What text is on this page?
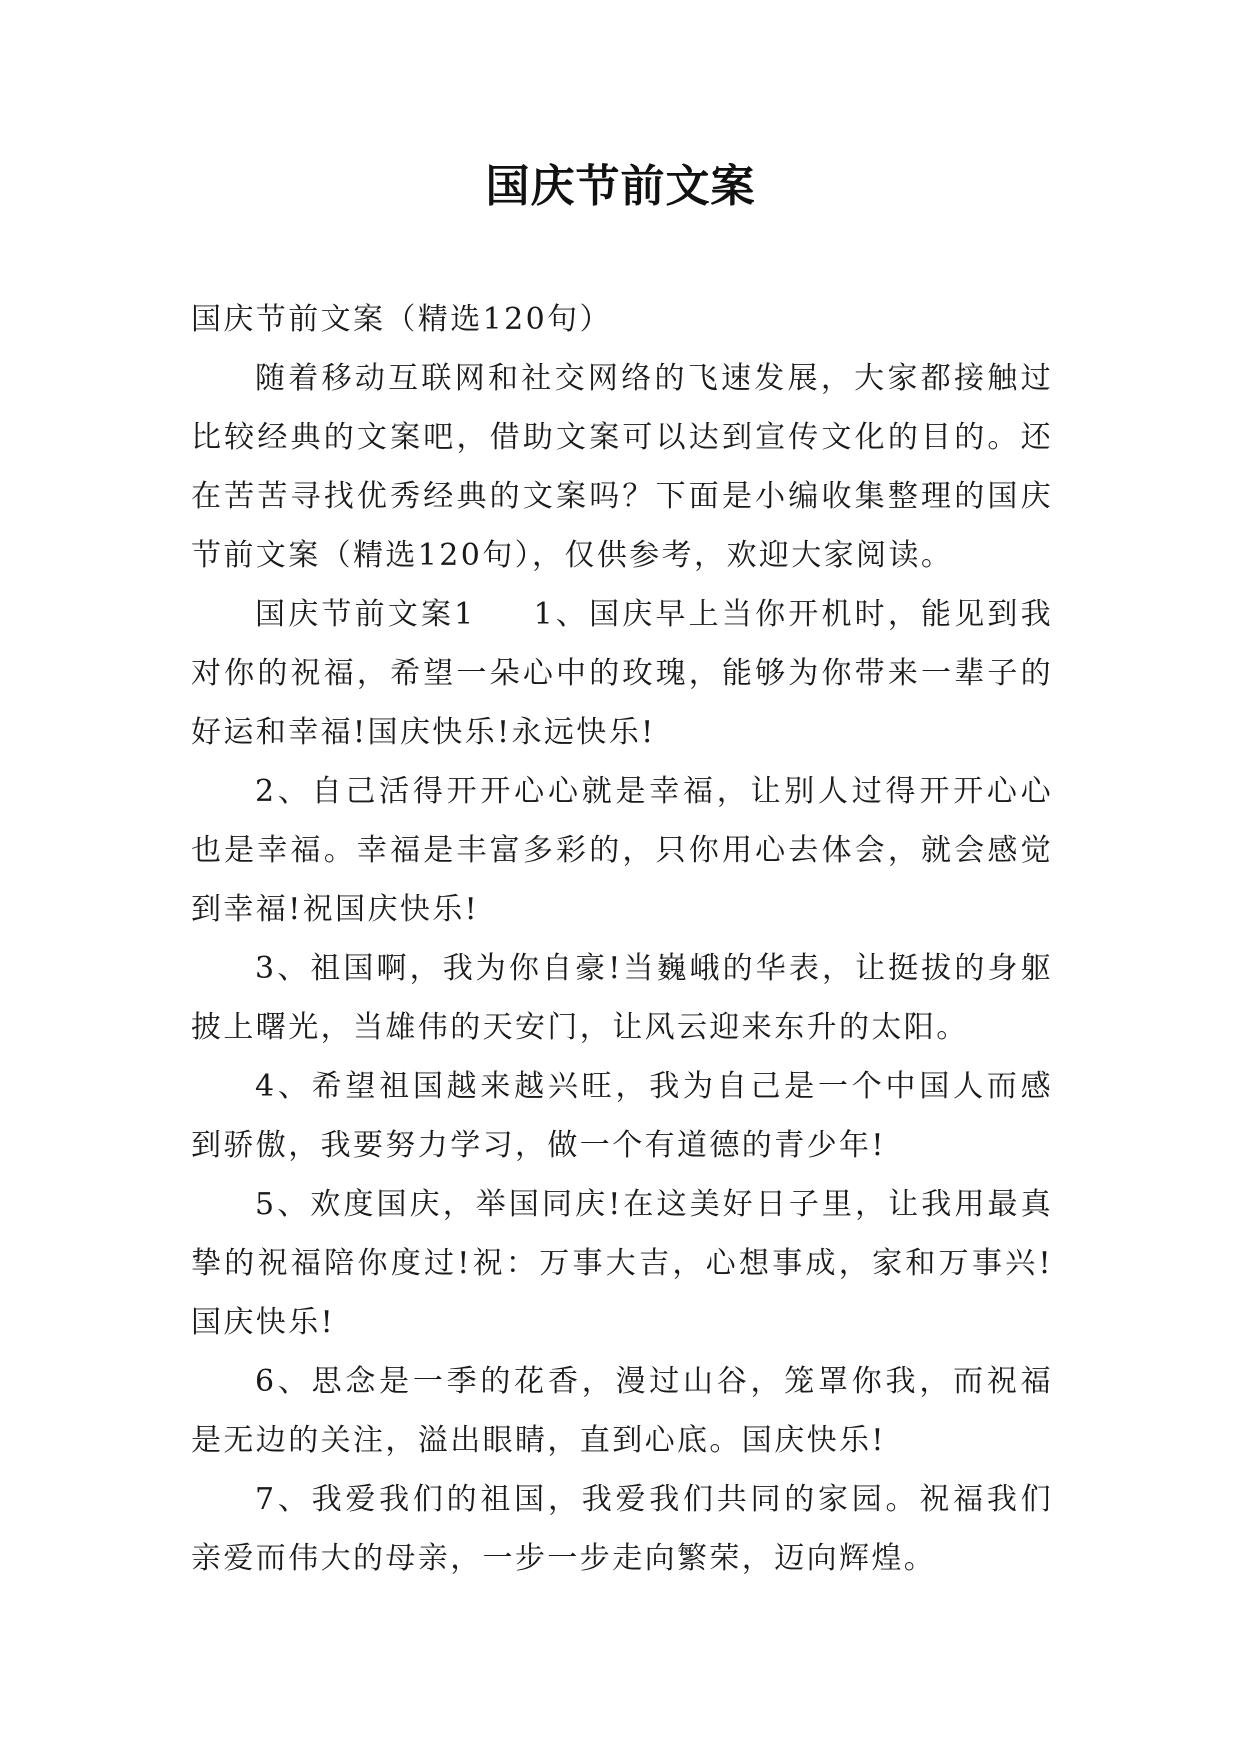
国庆节前文案

国庆节前文案（精选120句）

随着移动互联网和社交网络的飞速发展，大家都接触过比较经典的文案吧，借助文案可以达到宣传文化的目的。还在苦苦寻找优秀经典的文案吗？下面是小编收集整理的国庆节前文案（精选120句），仅供参考，欢迎大家阅读。

国庆节前文案1 1、国庆早上当你开机时，能见到我对你的祝福，希望一朵心中的玫瑰，能够为你带来一辈子的好运和幸福!国庆快乐!永远快乐!

2、自己活得开开心心就是幸福，让别人过得开开心心也是幸福。幸福是丰富多彩的，只你用心去体会，就会感觉到幸福!祝国庆快乐!

3、祖国啊，我为你自豪!当巍峨的华表，让挺拔的身躯披上曙光，当雄伟的天安门，让风云迎来东升的太阳。

4、希望祖国越来越兴旺，我为自己是一个中国人而感到骄傲，我要努力学习，做一个有道德的青少年!

5、欢度国庆，举国同庆!在这美好日子里，让我用最真挚的祝福陪你度过!祝：万事大吉，心想事成，家和万事兴!国庆快乐!

6、思念是一季的花香，漫过山谷，笼罩你我，而祝福是无边的关注，溢出眼睛，直到心底。国庆快乐!

7、我爱我们的祖国，我爱我们共同的家园。祝福我们亲爱而伟大的母亲，一步一步走向繁荣，迈向辉煌。
